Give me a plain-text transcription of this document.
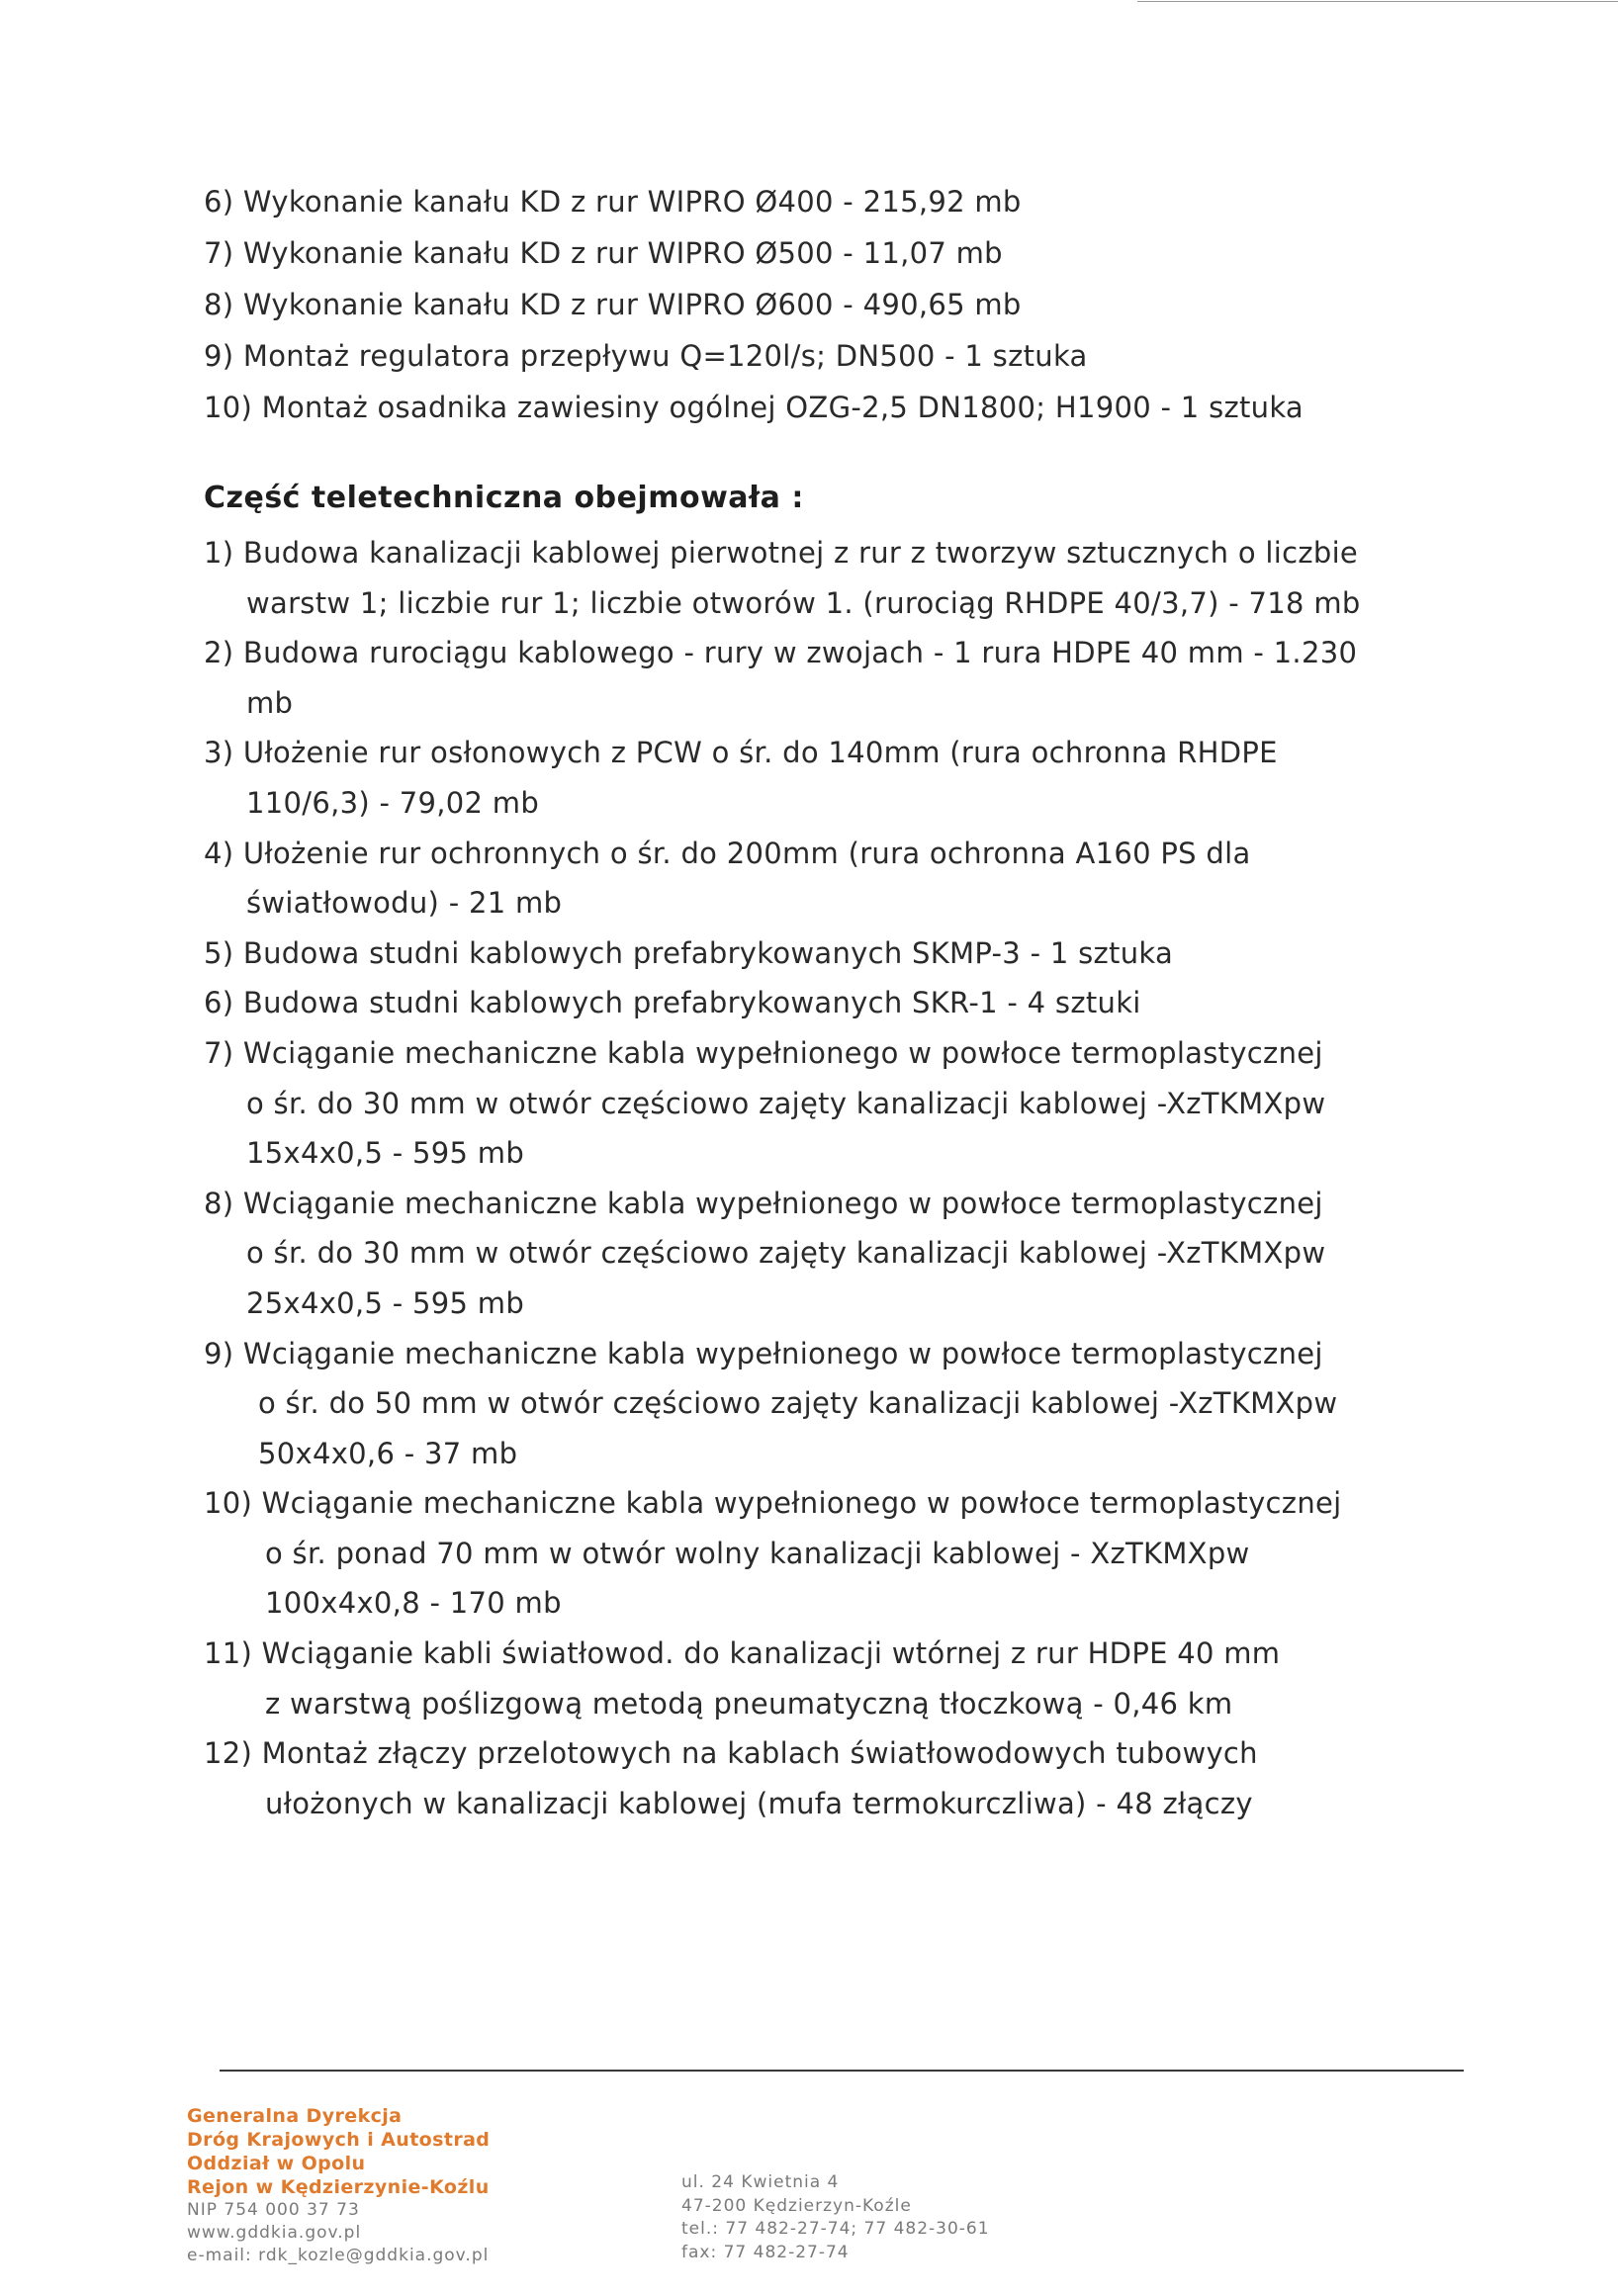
6) Wykonanie kanału KD z rur WIPRO Ø400 - 215,92 mb
7) Wykonanie kanału KD z rur WIPRO Ø500 - 11,07 mb
8) Wykonanie kanału KD z rur WIPRO Ø600 - 490,65 mb
9) Montaż regulatora przepływu Q=120l/s; DN500 - 1 sztuka
10) Montaż osadnika zawiesiny ogólnej OZG-2,5 DN1800; H1900 - 1 sztuka
Część teletechniczna obejmowała :
1) Budowa kanalizacji kablowej pierwotnej z rur z tworzyw sztucznych o liczbie
warstw 1; liczbie rur 1; liczbie otworów 1. (rurociąg RHDPE 40/3,7) - 718 mb
2) Budowa rurociągu kablowego - rury w zwojach - 1 rura HDPE 40 mm - 1.230
mb
3) Ułożenie rur osłonowych z PCW o śr. do 140mm (rura ochronna RHDPE
110/6,3) - 79,02 mb
4) Ułożenie rur ochronnych o śr. do 200mm (rura ochronna A160 PS dla
światłowodu) - 21 mb
5) Budowa studni kablowych prefabrykowanych SKMP-3 - 1 sztuka
6) Budowa studni kablowych prefabrykowanych SKR-1 - 4 sztuki
7) Wciąganie mechaniczne kabla wypełnionego w powłoce termoplastycznej
o śr. do 30 mm w otwór częściowo zajęty kanalizacji kablowej -XzTKMXpw
15x4x0,5 - 595 mb
8) Wciąganie mechaniczne kabla wypełnionego w powłoce termoplastycznej
o śr. do 30 mm w otwór częściowo zajęty kanalizacji kablowej -XzTKMXpw
25x4x0,5 - 595 mb
9) Wciąganie mechaniczne kabla wypełnionego w powłoce termoplastycznej
o śr. do 50 mm w otwór częściowo zajęty kanalizacji kablowej -XzTKMXpw
50x4x0,6 - 37 mb
10) Wciąganie mechaniczne kabla wypełnionego w powłoce termoplastycznej
o śr. ponad 70 mm w otwór wolny kanalizacji kablowej - XzTKMXpw
100x4x0,8 - 170 mb
11) Wciąganie kabli światłowod. do kanalizacji wtórnej z rur HDPE 40 mm
z warstwą poślizgową metodą pneumatyczną tłoczkową - 0,46 km
12) Montaż złączy przelotowych na kablach światłowodowych tubowych
ułożonych w kanalizacji kablowej (mufa termokurczliwa) - 48 złączy
Generalna Dyrekcja
Dróg Krajowych i Autostrad
Oddział w Opolu
Rejon w Kędzierzynie-Koźlu
NIP 754 000 37 73
www.gddkia.gov.pl
e-mail: rdk_kozle@gddkia.gov.pl
ul. 24 Kwietnia 4
47-200 Kędzierzyn-Koźle
tel.: 77 482-27-74; 77 482-30-61
fax: 77 482-27-74
